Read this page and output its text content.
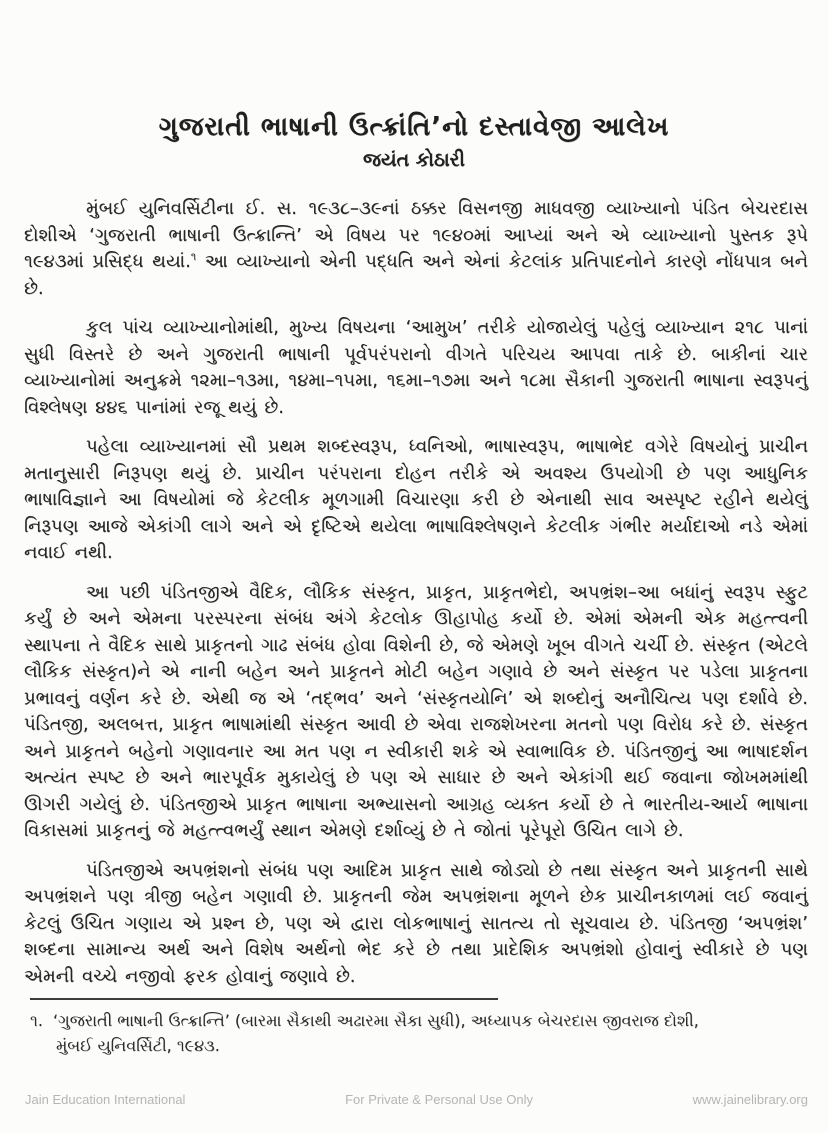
ગુજરાતી ભાષાની ઉત્ક્રાંતિ’નો દસ્તાવેજી આલેખ
જયંત કોઠારી

મુંબઈ યુનિવર્સિટીના ઈ. સ. ૧૯૩૮–૩૯નાં ઠક્કર વિસનજી માધવજી વ્યાખ્યાનો પંડિત બેચરદાસ દોશીએ ‘ગુજરાતી ભાષાની ઉત્ક્રાન્તિ’ એ વિષય પર ૧૯૪૦માં આપ્યાં અને એ વ્યાખ્યાનો પુસ્તક રૂપે ૧૯૪૩માં પ્રસિદ્ધ થયાં.$^૧$ આ વ્યાખ્યાનો એની પદ્ધતિ અને એનાં કેટલાંક પ્રતિપાદનોને કારણે નોંધપાત્ર બને છે.

કુલ પાંચ વ્યાખ્યાનોમાંથી, મુખ્ય વિષયના ‘આમુખ’ તરીકે યોજાયેલું પહેલું વ્યાખ્યાન ૨૧૮ પાનાં સુધી વિસ્તરે છે અને ગુજરાતી ભાષાની પૂર્વપરંપરાનો વીગતે પરિચય આપવા તાકે છે. બાકીનાં ચાર વ્યાખ્યાનોમાં અનુક્રમે ૧૨મા–૧૩મા, ૧૪મા–૧૫મા, ૧૬મા–૧૭મા અને ૧૮મા સૈકાની ગુજરાતી ભાષાના સ્વરૂપનું વિશ્લેષણ ૪૪૬ પાનાંમાં રજૂ થયું છે.

પહેલા વ્યાખ્યાનમાં સૌ પ્રથમ શબ્દસ્વરૂપ, ધ્વનિઓ, ભાષાસ્વરૂપ, ભાષાભેદ વગેરે વિષયોનું પ્રાચીન મતાનુસારી નિરૂપણ થયું છે. પ્રાચીન પરંપરાના દોહન તરીકે એ અવશ્ય ઉપયોગી છે પણ આધુનિક ભાષાવિજ્ઞાને આ વિષયોમાં જે કેટલીક મૂળગામી વિચારણા કરી છે એનાથી સાવ અસ્પૃષ્ટ રહીને થયેલું નિરૂપણ આજે એકાંગી લાગે અને એ દૃષ્ટિએ થયેલા ભાષાવિશ્લેષણને કેટલીક ગંભીર મર્યાદાઓ નડે એમાં નવાઈ નથી.

આ પછી પંડિતજીએ વૈદિક, લૌકિક સંસ્કૃત, પ્રાકૃત, પ્રાકૃતભેદો, અપભ્રંશ–આ બધાંનું સ્વરૂપ સ્ફુટ કર્યું છે અને એમના પરસ્પરના સંબંધ અંગે કેટલોક ઊહાપોહ કર્યો છે. એમાં એમની એક મહત્ત્વની સ્થાપના તે વૈદિક સાથે પ્રાકૃતનો ગાઢ સંબંધ હોવા વિશેની છે, જે એમણે ખૂબ વીગતે ચર્ચી છે. સંસ્કૃત (એટલે લૌકિક સંસ્કૃત)ને એ નાની બહેન અને પ્રાકૃતને મોટી બહેન ગણાવે છે અને સંસ્કૃત પર પડેલા પ્રાકૃતના પ્રભાવનું વર્ણન કરે છે. એથી જ એ ‘તદ્ભવ’ અને ‘સંસ્કૃતયોનિ’ એ શબ્દોનું અનૌચિત્ય પણ દર્શાવે છે. પંડિતજી, અલબત્ત, પ્રાકૃત ભાષામાંથી સંસ્કૃત આવી છે એવા રાજશેખરના મતનો પણ વિરોધ કરે છે. સંસ્કૃત અને પ્રાકૃતને બહેનો ગણાવનાર આ મત પણ ન સ્વીકારી શકે એ સ્વાભાવિક છે. પંડિતજીનું આ ભાષાદર્શન અત્યંત સ્પષ્ટ છે અને ભારપૂર્વક મુકાયેલું છે પણ એ સાધાર છે અને એકાંગી થઈ જવાના જોખમમાંથી ઊગરી ગયેલું છે. પંડિતજીએ પ્રાકૃત ભાષાના અભ્યાસનો આગ્રહ વ્યક્ત કર્યો છે તે ભારતીય-આર્ય ભાષાના વિકાસમાં પ્રાકૃતનું જે મહત્ત્વભર્યું સ્થાન એમણે દર્શાવ્યું છે તે જોતાં પૂરેપૂરો ઉચિત લાગે છે.

પંડિતજીએ અપભ્રંશનો સંબંધ પણ આદિમ પ્રાકૃત સાથે જોડ્યો છે તથા સંસ્કૃત અને પ્રાકૃતની સાથે અપભ્રંશને પણ ત્રીજી બહેન ગણાવી છે. પ્રાકૃતની જેમ અપભ્રંશના મૂળને છેક પ્રાચીનકાળમાં લઈ જવાનું કેટલું ઉચિત ગણાય એ પ્રશ્ન છે, પણ એ દ્વારા લોકભાષાનું સાતત્ય તો સૂચવાય છે. પંડિતજી ‘અપભ્રંશ’ શબ્દના સામાન્ય અર્થ અને વિશેષ અર્થનો ભેદ કરે છે તથા પ્રાદેશિક અપભ્રંશો હોવાનું સ્વીકારે છે પણ એમની વચ્ચે નજીવો ફરક હોવાનું જણાવે છે.

૧. ‘ગુજરાતી ભાષાની ઉત્ક્રાન્તિ’ (બારમા સૈકાથી અઢારમા સૈકા સુધી), અધ્યાપક બેચરદાસ જીવરાજ દોશી,
મુંબઈ યુનિવર્સિટી, ૧૯૪૩.
Jain Education International	For Private & Personal Use Only	www.jainelibrary.org
